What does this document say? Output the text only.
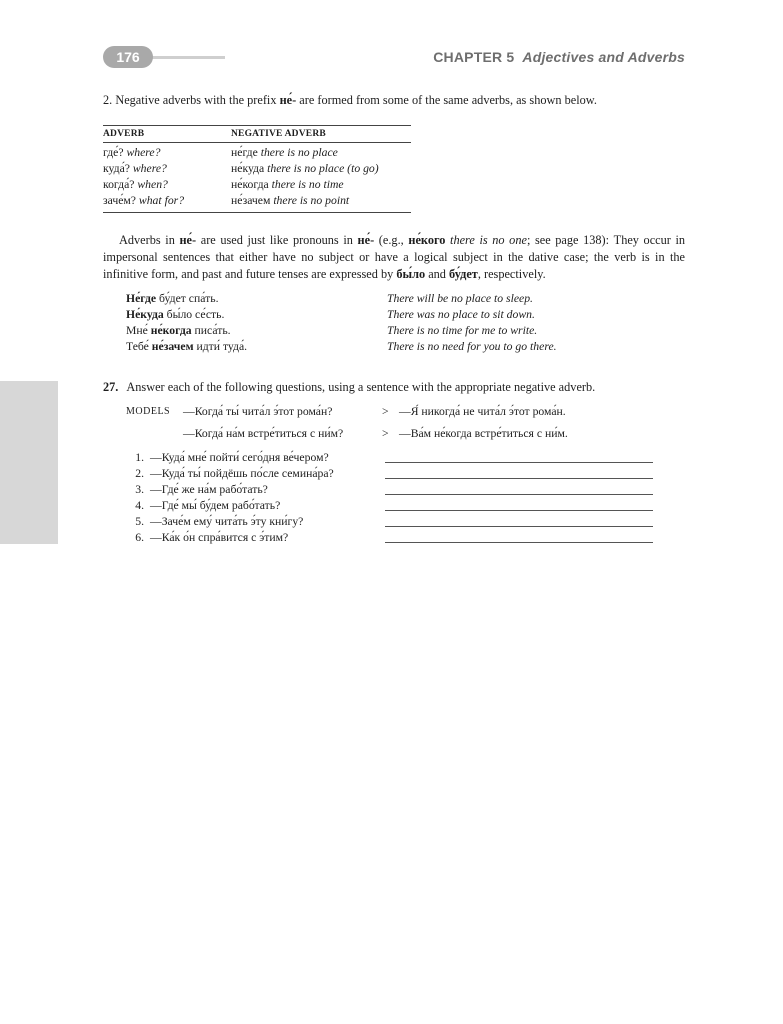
176	CHAPTER 5 Adjectives and Adverbs
2. Negative adverbs with the prefix не́- are formed from some of the same adverbs, as shown below.
ADVERB	NEGATIVE ADVERB
где́? where?	не́где there is no place
куда́? where?	не́куда there is no place (to go)
когда́? when?	не́когда there is no time
заче́м? what for?	не́зачем there is no point
Adverbs in не́- are used just like pronouns in не́- (e.g., не́кого there is no one; see page 138): They occur in impersonal sentences that either have no subject or have a logical subject in the dative case; the verb is in the infinitive form, and past and future tenses are expressed by бы́ло and бу́дет, respectively.
Не́где бу́дет спа́ть.	There will be no place to sleep.
Не́куда бы́ло се́сть.	There was no place to sit down.
Мне́ не́когда писа́ть.	There is no time for me to write.
Тебе́ не́зачем идти́ туда́.	There is no need for you to go there.
27. Answer each of the following questions, using a sentence with the appropriate negative adverb.
MODELS —Когда́ ты́ чита́л э́тот рома́н?	> —Я́ никогда́ не чита́л э́тот рома́н.
—Когда́ на́м встре́титься с ни́м?	> —Ва́м не́когда встре́титься с ни́м.
1. —Куда́ мне́ пойти́ сего́дня ве́чером?
2. —Куда́ ты́ пойдёшь по́сле семина́ра?
3. —Где́ же на́м рабо́тать?
4. —Где́ мы́ бу́дем рабо́тать?
5. —Заче́м ему́ чита́ть э́ту кни́гу?
6. —Ка́к о́н спра́вится с э́тим?
